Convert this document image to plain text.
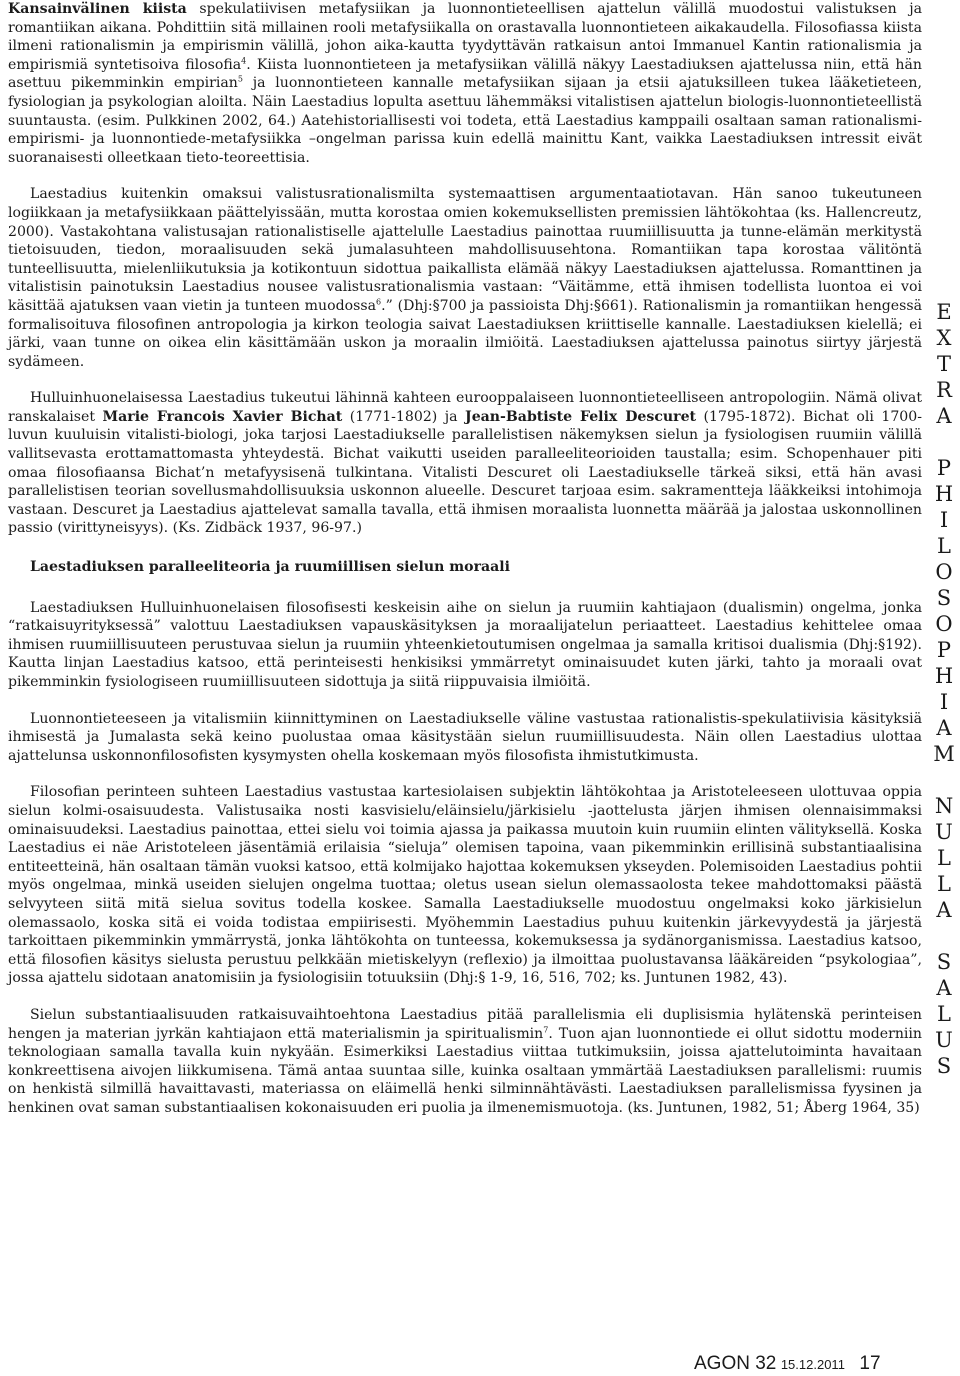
Kansainvälinen kiista spekulatiivisen metafysiikan ja luonnontieteellisen ajattelun välillä muodostui valistuksen ja romantiikan aikana. Pohdittiin sitä millainen rooli metafysiikalla on orastavalla luonnontieteen aikakaudella. Filosofiassa kiista ilmeni rationalismin ja empirismin välillä, johon aika-kautta tyydyttävän ratkaisun antoi Immanuel Kantin rationalismia ja empirismiä syntetisoiva filosofia$^4$. Kiista luonnontieteen ja metafysiikan välillä näkyy Laestadiuksen ajattelussa niin, että hän asettuu pikemminkin empirian$^5$ ja luonnontieteen kannalle metafysiikan sijaan ja etsii ajatuksilleen tukea lääketieteen, fysiologian ja psykologian aloilta. Näin Laestadius lopulta asettuu lähemmäksi vitalistisen ajattelun biologis-luonnontieteellistä suuntausta. (esim. Pulkkinen 2002, 64.) Aatehistoriallisesti voi todeta, että Laestadius kamppaili osaltaan saman rationalismi-empirismi- ja luonnontiede-metafysiikka –ongelman parissa kuin edellä mainittu Kant, vaikka Laestadiuksen intressit eivät suoranaisesti olleetkaan tieto-teoreettisia.

Laestadius kuitenkin omaksui valistusrationalismilta systemaattisen argumentaatiotavan. Hän sanoo tukeutuneen logiikkaan ja metafysiikkaan päättelyissään, mutta korostaa omien kokemuksellisten premissien lähtökohtaa (ks. Hallencreutz, 2000). Vastakohtana valistusajan rationalistiselle ajattelulle Laestadius painottaa ruumiillisuutta ja tunne-elämän merkitystä tietoisuuden, tiedon, moraalisuuden sekä jumalasuhteen mahdollisuusehtona. Romantiikan tapa korostaa välitöntä tunteellisuutta, mielenliikutuksia ja kotikontuun sidottua paikallista elämää näkyy Laestadiuksen ajattelussa. Romanttinen ja vitalistisin painotuksin Laestadius nousee valistusrationalismia vastaan: “Väitämme, että ihmisen todellista luontoa ei voi käsittää ajatuksen vaan vietin ja tunteen muodossa$^6$.” (Dhj:§700 ja passioista Dhj:§661). Rationalismin ja romantiikan hengessä formalisoituva filosofinen antropologia ja kirkon teologia saivat Laestadiuksen kriittiselle kannalle. Laestadiuksen kielellä; ei järki, vaan tunne on oikea elin käsittämään uskon ja moraalin ilmiöitä. Laestadiuksen ajattelussa painotus siirtyy järjestä sydämeen.

Hulluinhuonelaisessa Laestadius tukeutui lähinnä kahteen eurooppalaiseen luonnontieteelliseen antropologiin. Nämä olivat ranskalaiset Marie Francois Xavier Bichat (1771-1802) ja Jean-Babtiste Felix Descuret (1795-1872). Bichat oli 1700-luvun kuuluisin vitalisti-biologi, joka tarjosi Laestadiukselle parallelistisen näkemyksen sielun ja fysiologisen ruumiin välillä vallitsevasta erottamattomasta yhteydestä. Bichat vaikutti useiden paralleeliteorioiden taustalla; esim. Schopenhauer piti omaa filosofiaansa Bichat’n metafyysisenä tulkintana. Vitalisti Descuret oli Laestadiukselle tärkeä siksi, että hän avasi parallelistisen teorian sovellusmahdollisuuksia uskonnon alueelle. Descuret tarjoaa esim. sakramentteja lääkkeiksi intohimoja vastaan. Descuret ja Laestadius ajattelevat samalla tavalla, että ihmisen moraalista luonnetta määrää ja jalostaa uskonnollinen passio (virittyneisyys). (Ks. Zidbäck 1937, 96-97.)

Laestadiuksen paralleeliteoria ja ruumiillisen sielun moraali

Laestadiuksen Hulluinhuonelaisen filosofisesti keskeisin aihe on sielun ja ruumiin kahtiajaon (dualismin) ongelma, jonka “ratkaisuyrityksessä” valottuu Laestadiuksen vapauskäsityksen ja moraalijatelun periaatteet. Laestadius kehittelee omaa ihmisen ruumiillisuuteen perustuvaa sielun ja ruumiin yhteenkietoutumisen ongelmaa ja samalla kritisoi dualismia (Dhj:§192). Kautta linjan Laestadius katsoo, että perinteisesti henkisiksi ymmärretyt ominaisuudet kuten järki, tahto ja moraali ovat pikemminkin fysiologiseen ruumiillisuuteen sidottuja ja siitä riippuvaisia ilmiöitä.

Luonnontieteeseen ja vitalismiin kiinnittyminen on Laestadiukselle väline vastustaa rationalistis-spekulatiivisia käsityksiä ihmisestä ja Jumalasta sekä keino puolustaa omaa käsitystään sielun ruumiillisuudesta. Näin ollen Laestadius ulottaa ajattelunsa uskonnonfilosofisten kysymysten ohella koskemaan myös filosofista ihmistutkimusta.

Filosofian perinteen suhteen Laestadius vastustaa kartesiolaisen subjektin lähtökohtaa ja Aristoteleeseen ulottuvaa oppia sielun kolmi-osaisuudesta. Valistusaika nosti kasvisielu/eläinsielu/järkisielu -jaottelusta järjen ihmisen olennaisimmaksi ominaisuudeksi. Laestadius painottaa, ettei sielu voi toimia ajassa ja paikassa muutoin kuin ruumiin elinten välityksellä. Koska Laestadius ei näe Aristoteleen jäsentämiä erilaisia “sieluja” olemisen tapoina, vaan pikemminkin erillisinä substantiaalisina entiteetteinä, hän osaltaan tämän vuoksi katsoo, että kolmijako hajottaa kokemuksen ykseyden. Polemisoiden Laestadius pohtii myös ongelmaa, minkä useiden sielujen ongelma tuottaa; oletus usean sielun olemassaolosta tekee mahdottomaksi päästä selvyyteen siitä mitä sielua sovitus todella koskee. Samalla Laestadiukselle muodostuu ongelmaksi koko järkisielun olemassaolo, koska sitä ei voida todistaa empiirisesti. Myöhemmin Laestadius puhuu kuitenkin järkevyydestä ja järjestä tarkoittaen pikemminkin ymmärrystä, jonka lähtökohta on tunteessa, kokemuksessa ja sydänorganismissa. Laestadius katsoo, että filosofien käsitys sielusta perustuu pelkkään mietiskelyyn (reflexio) ja ilmoittaa puolustavansa lääkäreiden “psykologiaa”, jossa ajattelu sidotaan anatomisiin ja fysiologisiin totuuksiin (Dhj:§ 1-9, 16, 516, 702; ks. Juntunen 1982, 43).

Sielun substantiaalisuuden ratkaisuvaihtoehtona Laestadius pitää parallelismia eli duplisismia hylätenskä perinteisen hengen ja materian jyrkän kahtiajaon että materialismin ja spiritualismin$^7$. Tuon ajan luonnontiede ei ollut sidottu moderniin teknologiaan samalla tavalla kuin nykyään. Esimerkiksi Laestadius viittaa tutkimuksiin, joissa ajattelutoiminta havaitaan konkreettisena aivojen liikkumisena. Tämä antaa suuntaa sille, kuinka osaltaan ymmärtää Laestadiuksen parallelismi: ruumis on henkistä silmillä havaittavasti, materiassa on eläimellä henki silminnähtävästi. Laestadiuksen parallelismissa fyysinen ja henkinen ovat saman substantiaalisen kokonaisuuden eri puolia ja ilmenemismuotoja. (ks. Juntunen, 1982, 51; Åberg 1964, 35)

EXTRA PHILOSOPHIAM NULLA SALUS
AGON 32 15.12.2011 17
